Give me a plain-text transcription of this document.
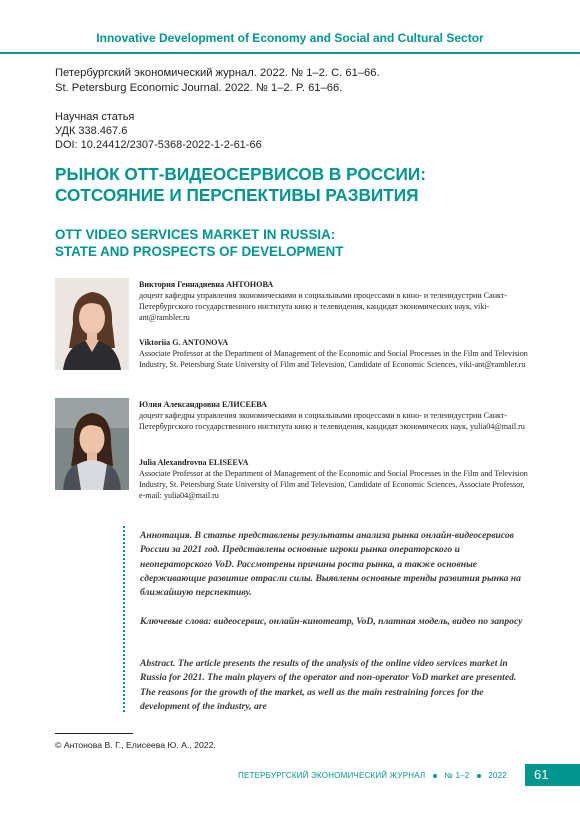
Innovative Development of Economy and Social and Cultural Sector
Петербургский экономический журнал. 2022. № 1–2. С. 61–66.
St. Petersburg Economic Journal. 2022. № 1–2. P. 61–66.
Научная статья
УДК 338.467.6
DOI: 10.24412/2307-5368-2022-1-2-61-66
РЫНОК ОТТ-ВИДЕОСЕРВИСОВ В РОССИИ:
СОТСОЯНИЕ И ПЕРСПЕКТИВЫ РАЗВИТИЯ
OTT VIDEO SERVICES MARKET IN RUSSIA:
STATE AND PROSPECTS OF DEVELOPMENT
Виктория Геннадиевна АНТОНОВА
доцент кафедры управления экономическими и социальными процессами в кино- и телеиндустрии Санкт-Петербургского государственного института кино и телевидения, кандидат экономических наук, viki-ant@rambler.ru
Viktoriia G. ANTONOVA
Associate Professor at the Department of Management of the Economic and Social Processes in the Film and Television Industry, St. Petersburg State University of Film and Television, Candidate of Economic Sciences, viki-ant@rambler.ru
Юлия Александровна ЕЛИСЕЕВА
доцент кафедры управления экономическими и социальными процессами в кино- и телеиндустрии Санкт-Петербургского государственного института кино и телевидения, кандидат экономичесих наук, yulia04@mail.ru
Julia Alexandrovna ELISEEVA
Associate Professor at the Department of Management of the Economic and Social Processes in the Film and Television Industry, St. Petersburg State University of Film and Television, Candidate of Economic Sciences, Associate Professor, e-mail: yulia04@mail.ru
Аннотация. В статье представлены результаты анализа рынка онлайн-видеосервисов России за 2021 год. Представлены основные игроки рынка операторского и неоператорского VoD. Рассмотрены причины роста рынка, а также основные сдерживающие развитие отрасли силы. Выявлены основные тренды развития рынка на ближайшую перспективу.
Ключевые слова: видеосервис, онлайн-кинотеатр, VoD, платная модель, видео по запросу
Abstract. The article presents the results of the analysis of the online video services market in Russia for 2021. The main players of the operator and non-operator VoD market are presented. The reasons for the growth of the market, as well as the main restraining forces for the development of the industry, are
© Антонова В. Г., Елисеева Ю. А., 2022.
ПЕТЕРБУРГСКИЙ ЭКОНОМИЧЕСКИЙ ЖУРНАЛ № 1–2 2022	61
